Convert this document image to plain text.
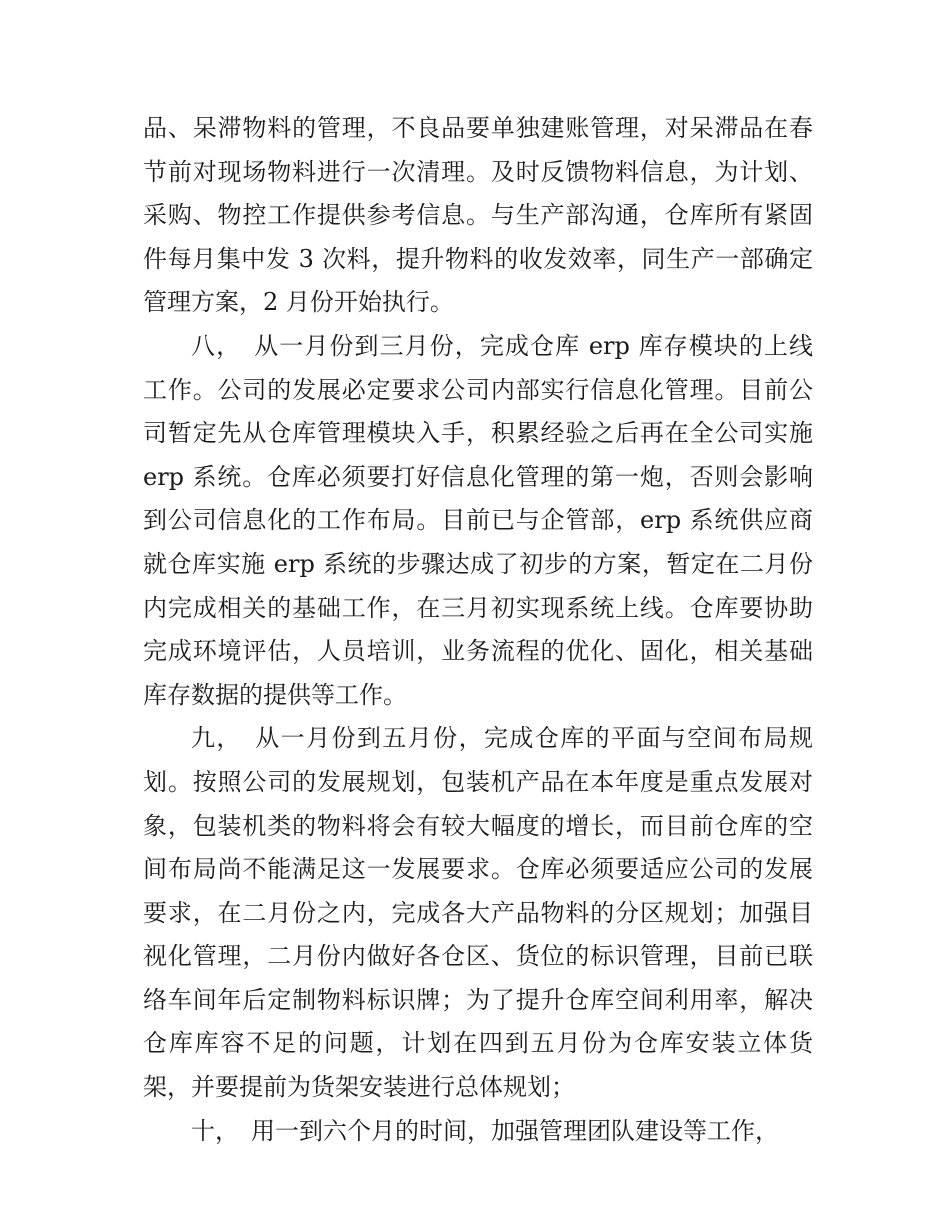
品、呆滞物料的管理，不良品要单独建账管理，对呆滞品在春
节前对现场物料进行一次清理。及时反馈物料信息，为计划、
采购、物控工作提供参考信息。与生产部沟通，仓库所有紧固
件每月集中发 3 次料，提升物料的收发效率，同生产一部确定
管理方案，2 月份开始执行。
八，　从一月份到三月份，完成仓库 erp 库存模块的上线
工作。公司的发展必定要求公司内部实行信息化管理。目前公
司暂定先从仓库管理模块入手，积累经验之后再在全公司实施
erp 系统。仓库必须要打好信息化管理的第一炮，否则会影响
到公司信息化的工作布局。目前已与企管部，erp 系统供应商
就仓库实施 erp 系统的步骤达成了初步的方案，暂定在二月份
内完成相关的基础工作，在三月初实现系统上线。仓库要协助
完成环境评估，人员培训，业务流程的优化、固化，相关基础
库存数据的提供等工作。
九，　从一月份到五月份，完成仓库的平面与空间布局规
划。按照公司的发展规划，包装机产品在本年度是重点发展对
象，包装机类的物料将会有较大幅度的增长，而目前仓库的空
间布局尚不能满足这一发展要求。仓库必须要适应公司的发展
要求，在二月份之内，完成各大产品物料的分区规划；加强目
视化管理，二月份内做好各仓区、货位的标识管理，目前已联
络车间年后定制物料标识牌；为了提升仓库空间利用率，解决
仓库库容不足的问题，计划在四到五月份为仓库安装立体货
架，并要提前为货架安装进行总体规划；
十，　用一到六个月的时间，加强管理团队建设等工作，
